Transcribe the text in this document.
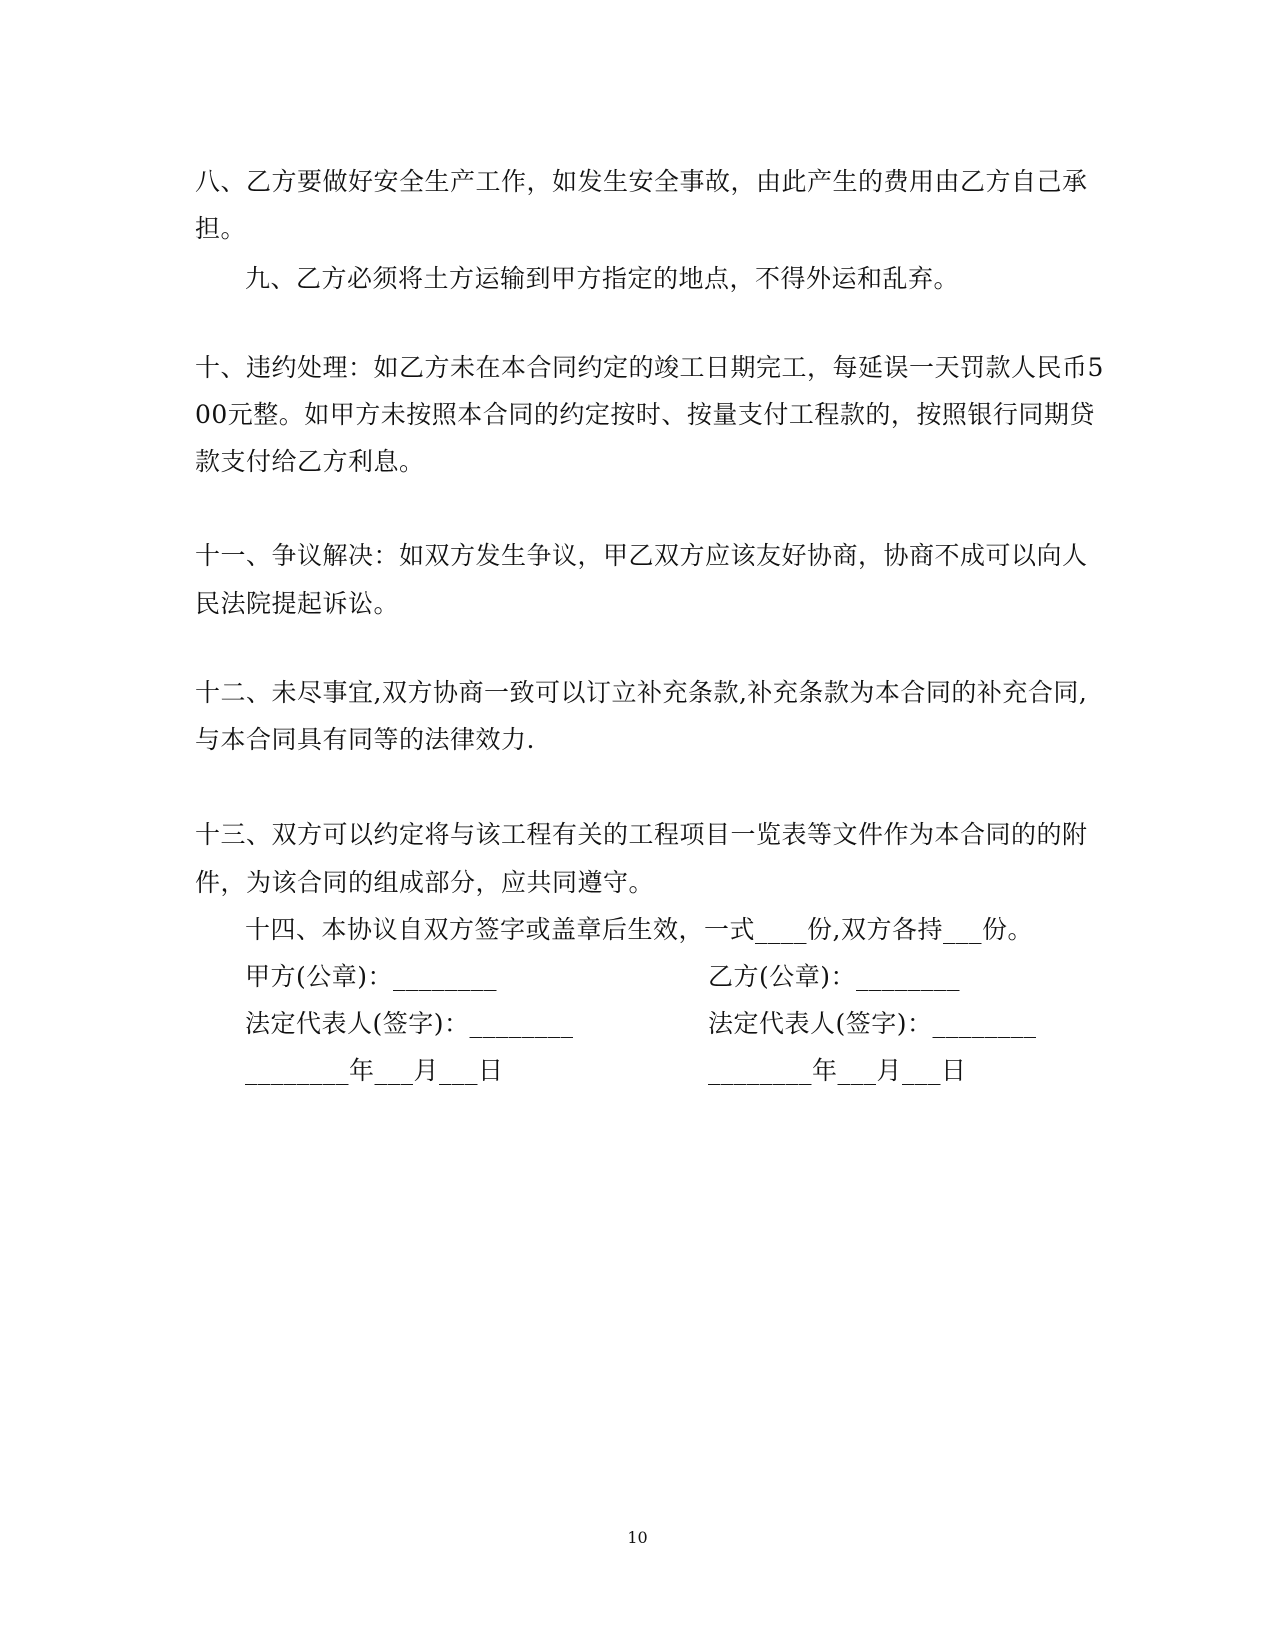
八、乙方要做好安全生产工作，如发生安全事故，由此产生的费用由乙方自己承
担。
九、乙方必须将土方运输到甲方指定的地点，不得外运和乱弃。
十、违约处理：如乙方未在本合同约定的竣工日期完工，每延误一天罚款人民币5
00元整。如甲方未按照本合同的约定按时、按量支付工程款的，按照银行同期贷
款支付给乙方利息。
十一、争议解决：如双方发生争议，甲乙双方应该友好协商，协商不成可以向人
民法院提起诉讼。
十二、未尽事宜,双方协商一致可以订立补充条款,补充条款为本合同的补充合同,
与本合同具有同等的法律效力.
十三、双方可以约定将与该工程有关的工程项目一览表等文件作为本合同的的附
件，为该合同的组成部分，应共同遵守。
十四、本协议自双方签字或盖章后生效，一式____份,双方各持___份。
甲方(公章)：________	乙方(公章)：________
法定代表人(签字)：________	法定代表人(签字)：________
________年___月___日	________年___月___日
10
